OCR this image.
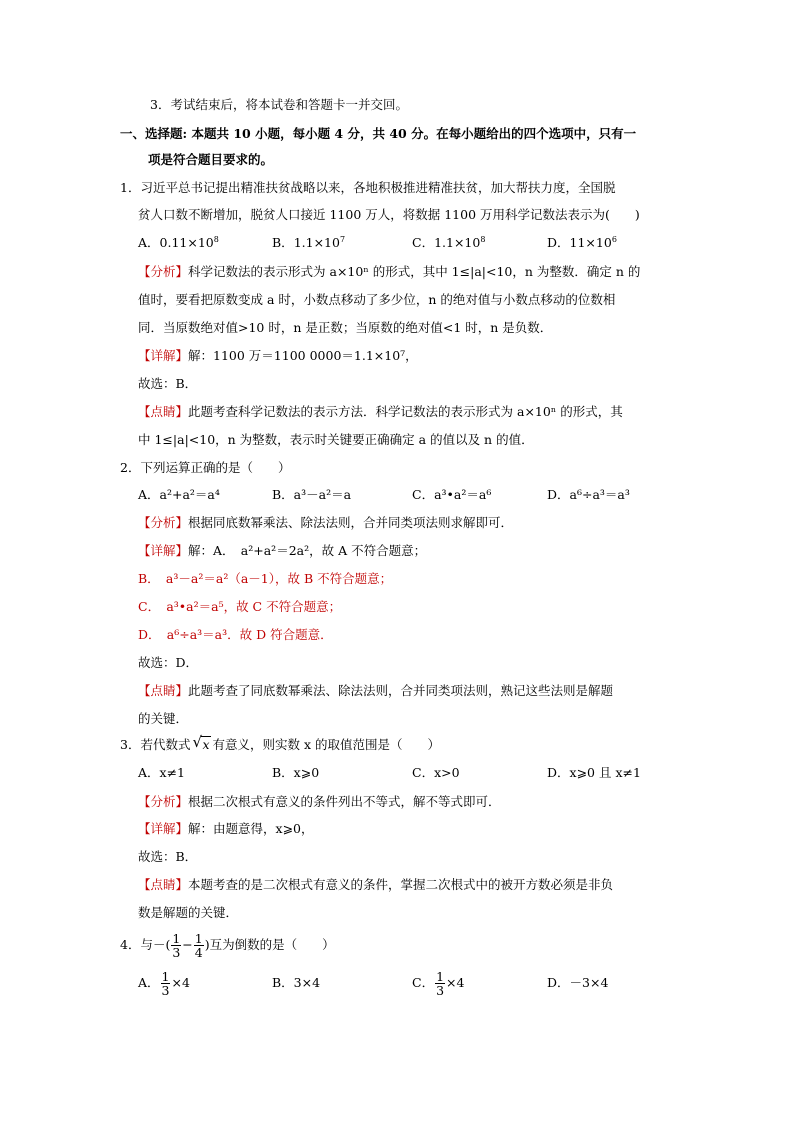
3．考试结束后，将本试卷和答题卡一并交回。
一、选择题: 本题共 10 小题，每小题 4 分，共 40 分。在每小题给出的四个选项中，只有一
项是符合题目要求的。
1．习近平总书记提出精准扶贫战略以来，各地积极推进精准扶贫，加大帮扶力度，全国脱
贫人口数不断增加，脱贫人口接近 1100 万人，将数据 1100 万用科学记数法表示为(　　)
A．$0.11\times 10^8$	B．$1.1\times 10^7$	C．$1.1\times 10^8$	D．$11\times 10^6$
【分析】科学记数法的表示形式为 a×10ⁿ 的形式，其中 1≤|a|<10，n 为整数．确定 n 的
值时，要看把原数变成 a 时，小数点移动了多少位，n 的绝对值与小数点移动的位数相
同．当原数绝对值>10 时，n 是正数；当原数的绝对值<1 时，n 是负数．
【详解】解：1100 万＝1100 0000＝1.1×10⁷，
故选：B．
【点睛】此题考查科学记数法的表示方法．科学记数法的表示形式为 a×10ⁿ 的形式，其
中 1≤|a|<10，n 为整数，表示时关键要正确确定 a 的值以及 n 的值．
2．下列运算正确的是（　　）
A．a²+a²＝a⁴	B．a³－a²＝a	C．a³•a²＝a⁶	D．a⁶÷a³＝a³
【分析】根据同底数幂乘法、除法法则，合并同类项法则求解即可．
【详解】解：A．　a²+a²＝2a²，故 A 不符合题意；
B．　a³－a²＝a²（a－1），故 B 不符合题意；
C．　a³•a²＝a⁵，故 C 不符合题意；
D．　a⁶÷a³＝a³．故 D 符合题意．
故选：D．
【点睛】此题考查了同底数幂乘法、除法法则，合并同类项法则，熟记这些法则是解题
的关键．
3．若代数式 √ x 有意义，则实数 x 的取值范围是（　　）
A．x≠1	B．x⩾0	C．x>0	D．x⩾0 且 x≠1
【分析】根据二次根式有意义的条件列出不等式，解不等式即可．
【详解】解：由题意得，x⩾0，
故选：B．
【点睛】本题考查的是二次根式有意义的条件，掌握二次根式中的被开方数必须是非负
数是解题的关键．
4．与－( $\frac{1}{3} - \frac{1}{4}$ )互为倒数的是（　　）
A． $\frac{1}{3} \times 4$	B．3×4	C． $\frac{1}{3} \times 4$	D．－3×4
